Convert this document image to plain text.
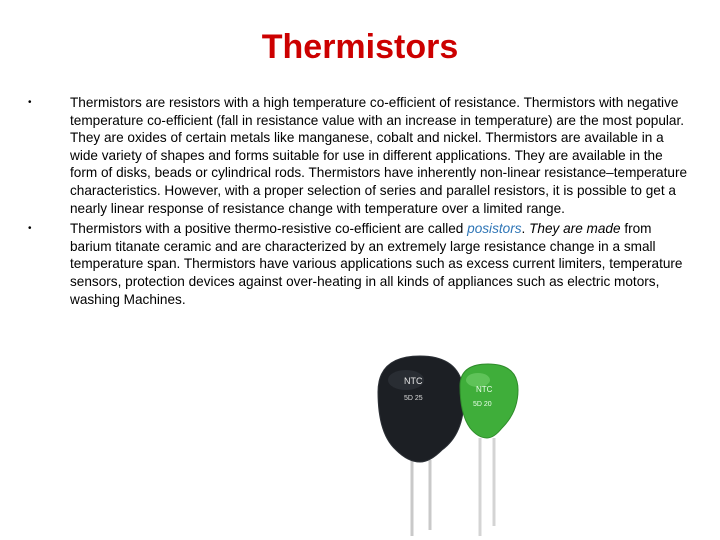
Thermistors
•	Thermistors are resistors with a high temperature co-efficient of resistance. Thermistors with negative temperature co-efficient (fall in resistance value with an increase in temperature) are the most popular. They are oxides of certain metals like manganese, cobalt and nickel. Thermistors are available in a wide variety of shapes and forms suitable for use in different applications. They are available in the form of disks, beads or cylindrical rods. Thermistors have inherently non-linear resistance–temperature characteristics. However, with a proper selection of series and parallel resistors, it is possible to get a nearly linear response of resistance change with temperature over a limited range.
•	Thermistors with a positive thermo-resistive co-efficient are called posistors. They are made from barium titanate ceramic and are characterized by an extremely large resistance change in a small temperature span. Thermistors have various applications such as excess current limiters, temperature sensors, protection devices against over-heating in all kinds of appliances such as electric motors, washing Machines.
NTC
5D 25
NTC
5D 20
